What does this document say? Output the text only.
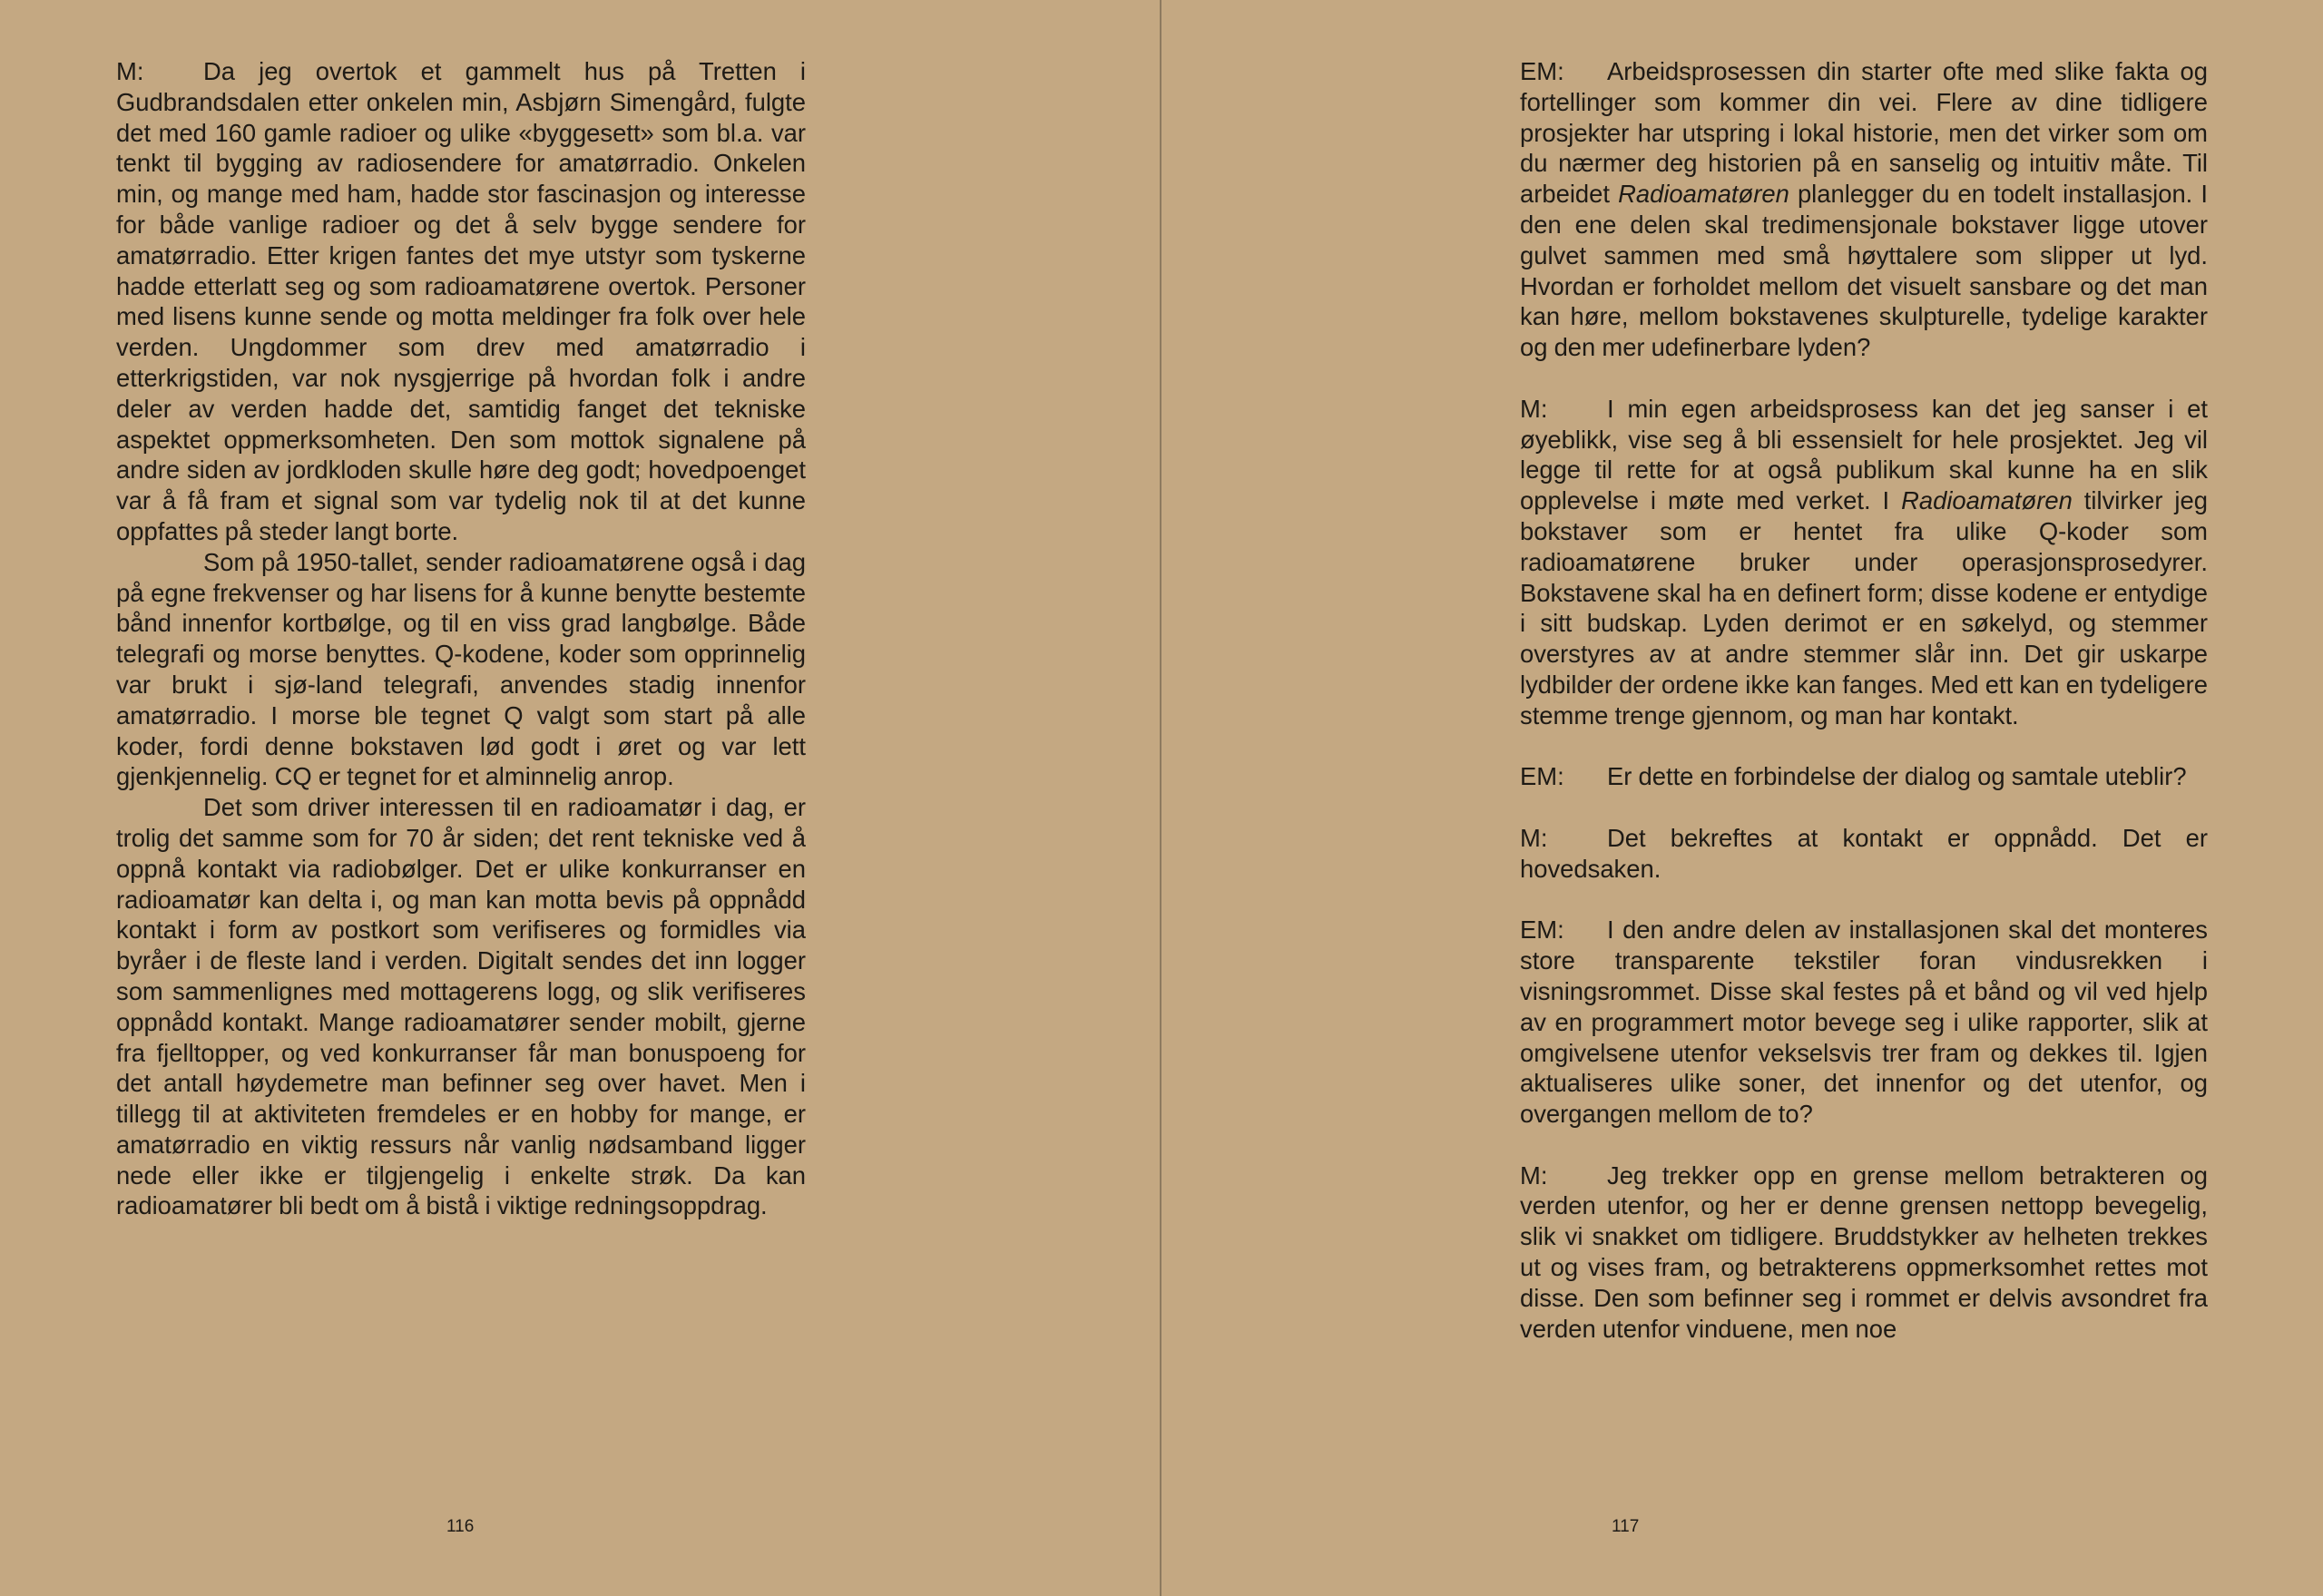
M: Da jeg overtok et gammelt hus på Tretten i Gudbrandsdalen etter onkelen min, Asbjørn Simengård, fulgte det med 160 gamle radioer og ulike «byggesett» som bl.a. var tenkt til bygging av radiosendere for amatørradio. Onkelen min, og mange med ham, hadde stor fascinasjon og interesse for både vanlige radioer og det å selv bygge sendere for amatørradio. Etter krigen fantes det mye utstyr som tyskerne hadde etterlatt seg og som radioamatørene overtok. Personer med lisens kunne sende og motta meldinger fra folk over hele verden. Ungdommer som drev med amatørradio i etterkrigstiden, var nok nysgjerrige på hvordan folk i andre deler av verden hadde det, samtidig fanget det tekniske aspektet oppmerksomheten. Den som mottok signalene på andre siden av jordkloden skulle høre deg godt; hovedpoenget var å få fram et signal som var tydelig nok til at det kunne oppfattes på steder langt borte.

Som på 1950-tallet, sender radioamatørene også i dag på egne frekvenser og har lisens for å kunne benytte bestemte bånd innenfor kortbølge, og til en viss grad langbølge. Både telegrafi og morse benyttes. Q-kodene, koder som opprinnelig var brukt i sjø-land telegrafi, anvendes stadig innenfor amatørradio. I morse ble tegnet Q valgt som start på alle koder, fordi denne bokstaven lød godt i øret og var lett gjenkjennelig. CQ er tegnet for et alminnelig anrop.

Det som driver interessen til en radioamatør i dag, er trolig det samme som for 70 år siden; det rent tekniske ved å oppnå kontakt via radiobølger. Det er ulike konkurranser en radioamatør kan delta i, og man kan motta bevis på oppnådd kontakt i form av postkort som verifiseres og formidles via byråer i de fleste land i verden. Digitalt sendes det inn logger som sammenlignes med mottagerens logg, og slik verifiseres oppnådd kontakt. Mange radioamatører sender mobilt, gjerne fra fjelltopper, og ved konkurranser får man bonuspoeng for det antall høydemetre man befinner seg over havet. Men i tillegg til at aktiviteten fremdeles er en hobby for mange, er amatørradio en viktig ressurs når vanlig nødsamband ligger nede eller ikke er tilgjengelig i enkelte strøk. Da kan radioamatører bli bedt om å bistå i viktige redningsoppdrag.

116

EM: Arbeidsprosessen din starter ofte med slike fakta og fortellinger som kommer din vei. Flere av dine tidligere prosjekter har utspring i lokal historie, men det virker som om du nærmer deg historien på en sanselig og intuitiv måte. Til arbeidet Radioamatøren planlegger du en todelt installasjon. I den ene delen skal tredimensjonale bokstaver ligge utover gulvet sammen med små høyttalere som slipper ut lyd. Hvordan er forholdet mellom det visuelt sansbare og det man kan høre, mellom bokstavenes skulpturelle, tydelige karakter og den mer udefinerbare lyden?

M: I min egen arbeidsprosess kan det jeg sanser i et øyeblikk, vise seg å bli essensielt for hele prosjektet. Jeg vil legge til rette for at også publikum skal kunne ha en slik opplevelse i møte med verket. I Radioamatøren tilvirker jeg bokstaver som er hentet fra ulike Q-koder som radioamatørene bruker under operasjonsprosedyrer. Bokstavene skal ha en definert form; disse kodene er entydige i sitt budskap. Lyden derimot er en søkelyd, og stemmer overstyres av at andre stemmer slår inn. Det gir uskarpe lydbilder der ordene ikke kan fanges. Med ett kan en tydeligere stemme trenge gjennom, og man har kontakt.

EM: Er dette en forbindelse der dialog og samtale uteblir?

M: Det bekreftes at kontakt er oppnådd. Det er hovedsaken.

EM: I den andre delen av installasjonen skal det monteres store transparente tekstiler foran vindusrekken i visningsrommet. Disse skal festes på et bånd og vil ved hjelp av en programmert motor bevege seg i ulike rapporter, slik at omgivelsene utenfor vekselsvis trer fram og dekkes til. Igjen aktualiseres ulike soner, det innenfor og det utenfor, og overgangen mellom de to?

M: Jeg trekker opp en grense mellom betrakteren og verden utenfor, og her er denne grensen nettopp bevegelig, slik vi snakket om tidligere. Bruddstykker av helheten trekkes ut og vises fram, og betrakterens oppmerksomhet rettes mot disse. Den som befinner seg i rommet er delvis avsondret fra verden utenfor vinduene, men noe

117
